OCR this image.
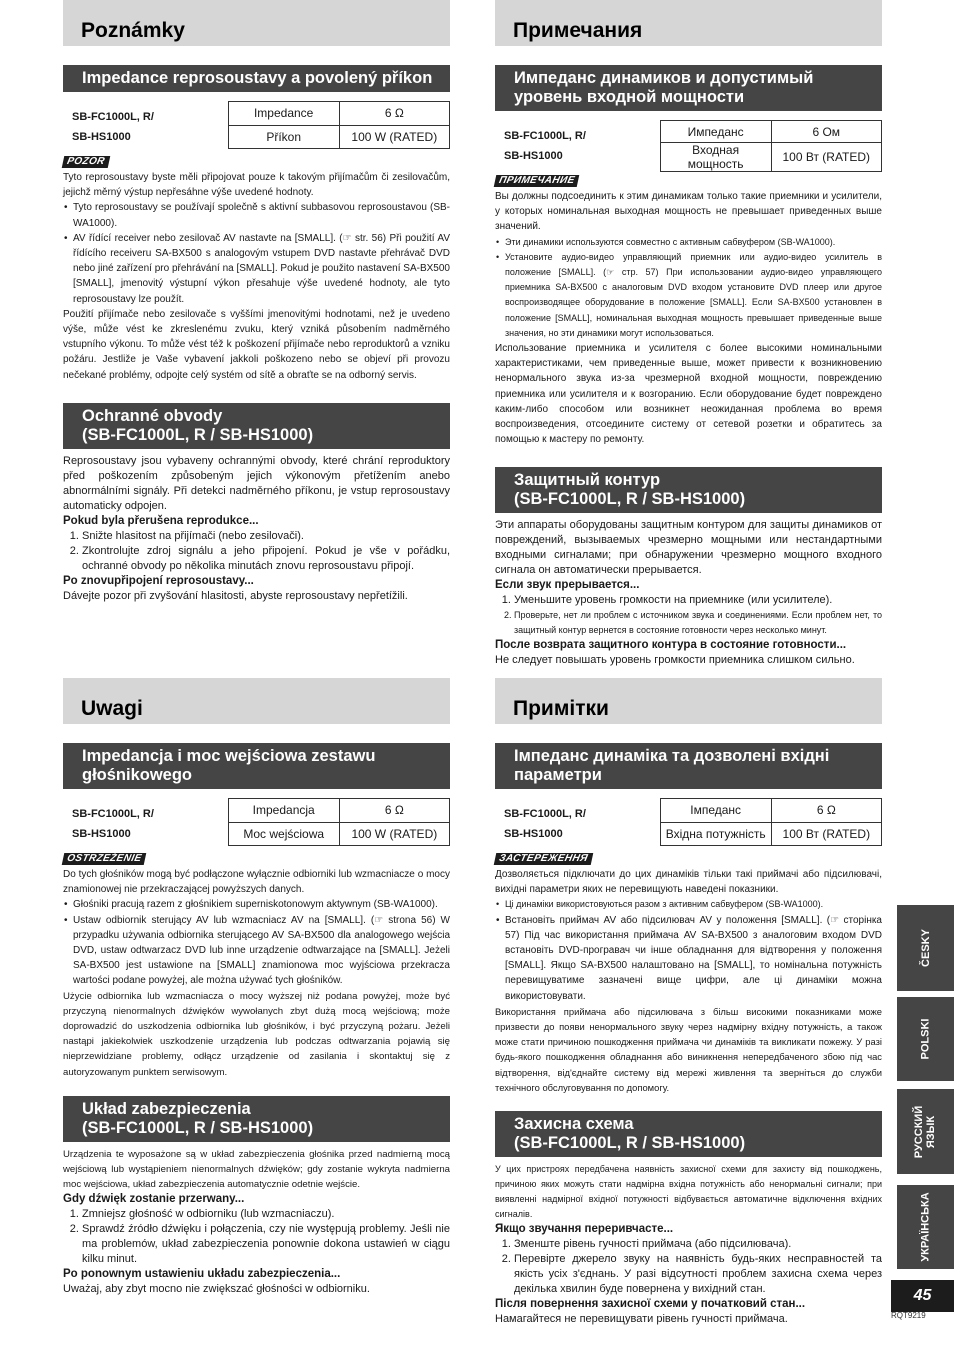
Poznámky
Impedance reprosoustavy a povolený příkon
SB-FC1000L, R/
SB-HS1000
Impedance	6 Ω
Příkon	100 W (RATED)
POZOR

Tyto reprosoustavy byste měli připojovat pouze k takovým přijímačům či zesilovačům, jejichž měrný výstup nepřesáhne výše uvedené hodnoty.

• Tyto reprosoustavy se používají společně s aktivní subbasovou reprosoustavou (SB-WA1000).
• AV řídící receiver nebo zesilovač AV nastavte na [SMALL]. (☞ str. 56) Při použití AV řídícího receiveru SA-BX500 s analogovým vstupem DVD nastavte přehrávač DVD nebo jiné zařízení pro přehrávání na [SMALL]. Pokud je použito nastavení SA-BX500 [SMALL], jmenovitý výstupní výkon přesahuje výše uvedené hodnoty, ale tyto reprosoustavy lze použít.

Použití přijímače nebo zesilovače s vyššími jmenovitými hodnotami, než je uvedeno výše, může vést ke zkreslenému zvuku, který vzniká působením nadměrného vstupního výkonu. To může vést též k poškození přijímače nebo reproduktorů a vzniku požáru. Jestliže je Vaše vybavení jakkoli poškozeno nebo se objeví při provozu nečekané problémy, odpojte celý systém od sítě a obraťte se na odborný servis.

Ochranné obvody
(SB-FC1000L, R / SB-HS1000)

Reprosoustavy jsou vybaveny ochrannými obvody, které chrání reproduktory před poškozením způsobeným jejich výkonovým přetížením anebo abnormálními signály. Při detekci nadměrného příkonu, je vstup reprosoustavy automaticky odpojen.

Pokud byla přerušena reprodukce...
1. Snižte hlasitost na přijímači (nebo zesilovači).
2. Zkontrolujte zdroj signálu a jeho připojení. Pokud je vše v pořádku, ochranné obvody po několika minutách znovu reprosoustavu připojí.
Po znovupřipojení reprosoustavy...

Dávejte pozor při zvyšování hlasitosti, abyste reprosoustavy nepřetížili.

Примечания
Импеданс динамиков и допустимый уровень входной мощности
SB-FC1000L, R/
SB-HS1000
Импеданс	6 Ом
Входная мощность	100 Вт (RATED)
ПРИМЕЧАНИЕ

Вы должны подсоединить к этим динамикам только такие приемники и усилители, у которых номинальная выходная мощность не превышает приведенных выше значений.

• Эти динамики используются совместно с активным сабвуфером (SB-WA1000).
• Установите аудио-видео управляющий приемник или аудио-видео усилитель в положение [SMALL]. (☞ стр. 57) При использовании аудио-видео управляющего приемника SA-BX500 с аналоговым DVD входом установите DVD плеер или другое воспроизводящее оборудование в положение [SMALL]. Если SA-BX500 установлен в положение [SMALL], номинальная выходная мощность превышает приведенные выше значения, но эти динамики могут использоваться.

Использование приемника и усилителя с более высокими номинальными характеристиками, чем приведенные выше, может привести к возникновению ненормального звука из-за чрезмерной входной мощности, повреждению приемника или усилителя и к возгоранию. Если оборудование будет повреждено каким-либо способом или возникнет неожиданная проблема во время воспроизведения, отсоедините систему от сетевой розетки и обратитесь за помощью к мастеру по ремонту.

Защитный контур
(SB-FC1000L, R / SB-HS1000)

Эти аппараты оборудованы защитным контуром для защиты динамиков от повреждений, вызываемых чрезмерно мощными или нестандартными входными сигналами; при обнаружении чрезмерно мощного входного сигнала он автоматически прерывается.

Если звук прерывается...
1. Уменьшите уровень громкости на приемнике (или усилителе).
2. Проверьте, нет ли проблем с источником звука и соединениями. Если проблем нет, то защитный контур вернется в состояние готовности через несколько минут.
После возврата защитного контура в состояние готовности...

Не следует повышать уровень громкости приемника слишком сильно.

Uwagi
Impedancja i moc wejściowa zestawu głośnikowego
SB-FC1000L, R/
SB-HS1000
Impedancja	6 Ω
Moc wejściowa	100 W (RATED)
OSTRZEŻENIE

Do tych głośników mogą być podłączone wyłącznie odbiorniki lub wzmacniacze o mocy znamionowej nie przekraczającej powyższych danych.

• Głośniki pracują razem z głośnikiem superniskotonowym aktywnym (SB-WA1000).
• Ustaw odbiornik sterujący AV lub wzmacniacz AV na [SMALL]. (☞ strona 56) W przypadku używania odbiornika sterującego AV SA-BX500 dla analogowego wejścia DVD, ustaw odtwarzacz DVD lub inne urządzenie odtwarzające na [SMALL]. Jeżeli SA-BX500 jest ustawione na [SMALL] znamionowa moc wyjściowa przekracza wartości podane powyżej, ale można używać tych głośników.

Użycie odbiornika lub wzmacniacza o mocy wyższej niż podana powyżej, może być przyczyną nienormalnych dźwięków wywołanych zbyt dużą mocą wejściową; może doprowadzić do uszkodzenia odbiornika lub głośników, i być przyczyną pożaru. Jeżeli nastąpi jakiekolwiek uszkodzenie urządzenia lub podczas odtwarzania pojawią się nieprzewidziane problemy, odłącz urządzenie od zasilania i skontaktuj się z autoryzowanym punktem serwisowym.

Układ zabezpieczenia
(SB-FC1000L, R / SB-HS1000)

Urządzenia te wyposażone są w układ zabezpieczenia głośnika przed nadmierną mocą wejściową lub wystąpieniem nienormalnych dźwięków; gdy zostanie wykryta nadmierna moc wejściowa, układ zabezpieczenia automatycznie odetnie wejście.

Gdy dźwięk zostanie przerwany...
1. Zmniejsz głośność w odbiorniku (lub wzmacniaczu).
2. Sprawdź źródło dźwięku i połączenia, czy nie występują problemy. Jeśli nie ma problemów, układ zabezpieczenia ponownie dokona ustawień w ciągu kilku minut.
Po ponownym ustawieniu układu zabezpieczenia...

Uważaj, aby zbyt mocno nie zwiększać głośności w odbiorniku.

Примітки
Імпеданс динаміка та дозволені вхідні параметри
SB-FC1000L, R/
SB-HS1000
Імпеданс	6 Ω
Вхідна потужність	100 Вт (RATED)
ЗАСТЕРЕЖЕННЯ

Дозволяється підключати до цих динаміків тільки такі приймачі або підсилювачі, вихідні параметри яких не перевищують наведені показники.

• Ці динаміки використовуються разом з активним сабвуфером (SB-WA1000).
• Встановіть приймач AV або підсилювач AV у положення [SMALL]. (☞ сторінка 57) Під час використання приймача AV SA-BX500 з аналоговим входом DVD встановіть DVD-програвач чи інше обладнання для відтворення у положення [SMALL]. Якщо SA-BX500 налаштовано на [SMALL], то номінальна потужність перевищуватиме зазначені вище цифри, але ці динаміки можна використовувати.

Використання приймача або підсилювача з більш високими показниками може призвести до появи ненормального звуку через надмірну вхідну потужність, а також може стати причиною пошкодження приймача чи динаміків та викликати пожежу. У разі будь-якого пошкодження обладнання або виникнення непередбаченого збою під час відтворення, від'єднайте систему від мережі живлення та зверніться до служби технічного обслуговування по допомогу.

Захисна схема
(SB-FC1000L, R / SB-HS1000)

У цих пристроях передбачена наявність захисної схеми для захисту від пошкоджень, причиною яких можуть стати надмірна вхідна потужність або ненормальні сигнали; при виявленні надмірної вхідної потужності відбувається автоматичне відключення вхідних сигналів.

Якщо звучання переривчасте...
1. Зменште рівень гучності приймача (або підсилювача).
2. Перевірте джерело звуку на наявність будь-яких несправностей та якість усіх з'єднань. У разі відсутності проблем захисна схема через декілька хвилин буде повернена у вихідний стан.
Після повернення захисної схеми у початковий стан...

Намагайтеся не перевищувати рівень гучності приймача.

ČESKY
POLSKI
РУССКИЙ ЯЗЫК
УКРАЇНСЬКА
45
RQT9219
